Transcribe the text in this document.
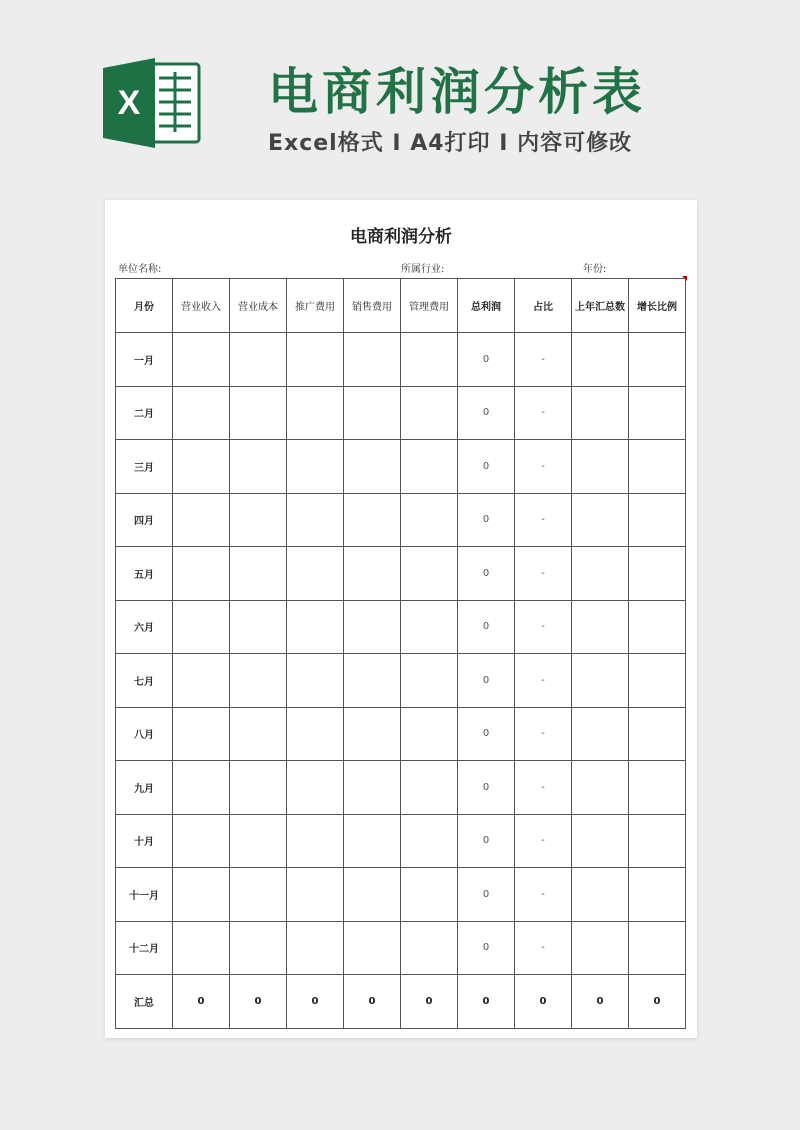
X	电商利润分析表
Excel格式 I A4打印 I 内容可修改
电商利润分析
单位名称:	所属行业:	年份:
月份	营业收入	营业成本	推广费用	销售费用	管理费用	总利润	占比	上年汇总数	增长比例
一月						0	-		
二月						0	-		
三月						0	-		
四月						0	-		
五月						0	-		
六月						0	-		
七月						0	-		
八月						0	-		
九月						0	-		
十月						0	-		
十一月						0	-		
十二月						0	-		
汇总	0	0	0	0	0	0	0	0	0
